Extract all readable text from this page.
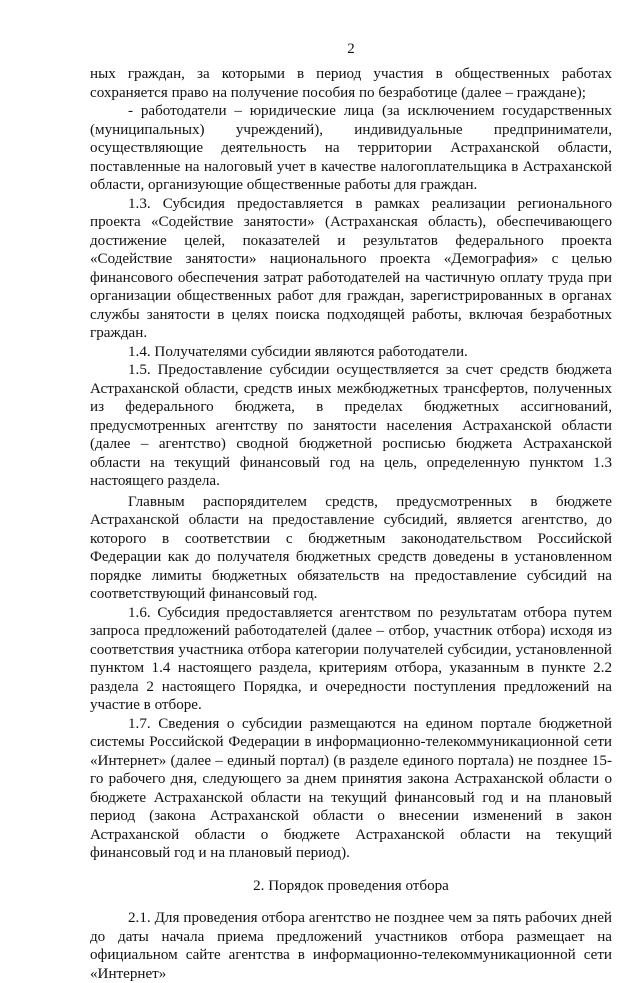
2

ных граждан, за которыми в период участия в общественных работах сохраняется право на получение пособия по безработице (далее – граждане);

- работодатели – юридические лица (за исключением государственных (муниципальных) учреждений), индивидуальные предприниматели, осуществляющие деятельность на территории Астраханской области, поставленные на налоговый учет в качестве налогоплательщика в Астраханской области, организующие общественные работы для граждан.

1.3. Субсидия предоставляется в рамках реализации регионального проекта «Содействие занятости» (Астраханская область), обеспечивающего достижение целей, показателей и результатов федерального проекта «Содействие занятости» национального проекта «Демография» с целью финансового обеспечения затрат работодателей на частичную оплату труда при организации общественных работ для граждан, зарегистрированных в органах службы занятости в целях поиска подходящей работы, включая безработных граждан.

1.4. Получателями субсидии являются работодатели.

1.5. Предоставление субсидии осуществляется за счет средств бюджета Астраханской области, средств иных межбюджетных трансфертов, полученных из федерального бюджета, в пределах бюджетных ассигнований, предусмотренных агентству по занятости населения Астраханской области (далее – агентство) сводной бюджетной росписью бюджета Астраханской области на текущий финансовый год на цель, определенную пунктом 1.3 настоящего раздела.

Главным распорядителем средств, предусмотренных в бюджете Астраханской области на предоставление субсидий, является агентство, до которого в соответствии с бюджетным законодательством Российской Федерации как до получателя бюджетных средств доведены в установленном порядке лимиты бюджетных обязательств на предоставление субсидий на соответствующий финансовый год.

1.6. Субсидия предоставляется агентством по результатам отбора путем запроса предложений работодателей (далее – отбор, участник отбора) исходя из соответствия участника отбора категории получателей субсидии, установленной пунктом 1.4 настоящего раздела, критериям отбора, указанным в пункте 2.2 раздела 2 настоящего Порядка, и очередности поступления предложений на участие в отборе.

1.7. Сведения о субсидии размещаются на едином портале бюджетной системы Российской Федерации в информационно-телекоммуникационной сети «Интернет» (далее – единый портал) (в разделе единого портала) не позднее 15-го рабочего дня, следующего за днем принятия закона Астраханской области о бюджете Астраханской области на текущий финансовый год и на плановый период (закона Астраханской области о внесении изменений в закон Астраханской области о бюджете Астраханской области на текущий финансовый год и на плановый период).

2. Порядок проведения отбора

2.1. Для проведения отбора агентство не позднее чем за пять рабочих дней до даты начала приема предложений участников отбора размещает на официальном сайте агентства в информационно-телекоммуникационной сети «Интернет»
